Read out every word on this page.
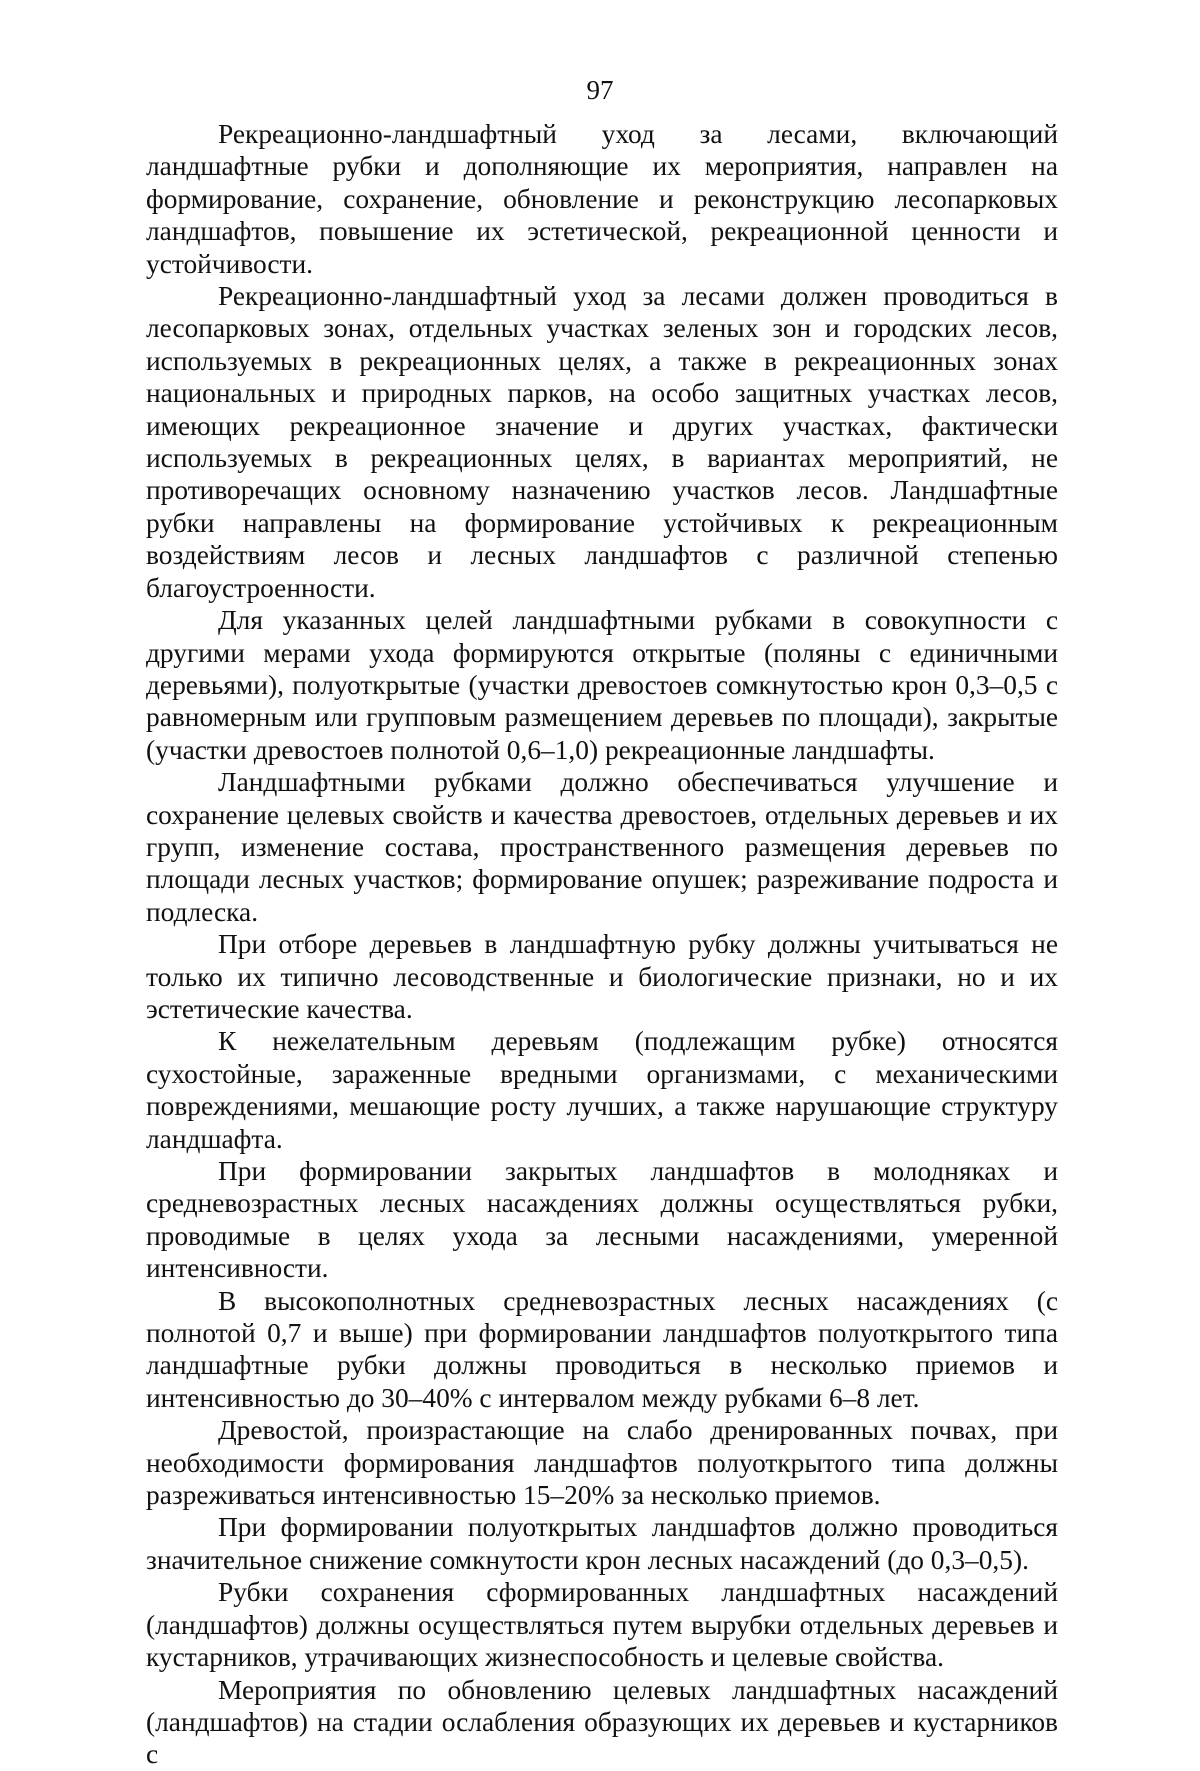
97

Рекреационно-ландшафтный уход за лесами, включающий ландшафтные рубки и дополняющие их мероприятия, направлен на формирование, сохранение, обновление и реконструкцию лесопарковых ландшафтов, повышение их эстетической, рекреационной ценности и устойчивости.

Рекреационно-ландшафтный уход за лесами должен проводиться в лесопарковых зонах, отдельных участках зеленых зон и городских лесов, используемых в рекреационных целях, а также в рекреационных зонах национальных и природных парков, на особо защитных участках лесов, имеющих рекреационное значение и других участках, фактически используемых в рекреационных целях, в вариантах мероприятий, не противоречащих основному назначению участков лесов. Ландшафтные рубки направлены на формирование устойчивых к рекреационным воздействиям лесов и лесных ландшафтов с различной степенью благоустроенности.

Для указанных целей ландшафтными рубками в совокупности с другими мерами ухода формируются открытые (поляны с единичными деревьями), полуоткрытые (участки древостоев сомкнутостью крон 0,3–0,5 с равномерным или групповым размещением деревьев по площади), закрытые (участки древостоев полнотой 0,6–1,0) рекреационные ландшафты.

Ландшафтными рубками должно обеспечиваться улучшение и сохранение целевых свойств и качества древостоев, отдельных деревьев и их групп, изменение состава, пространственного размещения деревьев по площади лесных участков; формирование опушек; разреживание подроста и подлеска.

При отборе деревьев в ландшафтную рубку должны учитываться не только их типично лесоводственные и биологические признаки, но и их эстетические качества.

К нежелательным деревьям (подлежащим рубке) относятся сухостойные, зараженные вредными организмами, с механическими повреждениями, мешающие росту лучших, а также нарушающие структуру ландшафта.

При формировании закрытых ландшафтов в молодняках и средневозрастных лесных насаждениях должны осуществляться рубки, проводимые в целях ухода за лесными насаждениями, умеренной интенсивности.

В высокополнотных средневозрастных лесных насаждениях (с полнотой 0,7 и выше) при формировании ландшафтов полуоткрытого типа ландшафтные рубки должны проводиться в несколько приемов и интенсивностью до 30–40% с интервалом между рубками 6–8 лет.

Древостой, произрастающие на слабо дренированных почвах, при необходимости формирования ландшафтов полуоткрытого типа должны разреживаться интенсивностью 15–20% за несколько приемов.

При формировании полуоткрытых ландшафтов должно проводиться значительное снижение сомкнутости крон лесных насаждений (до 0,3–0,5).

Рубки сохранения сформированных ландшафтных насаждений (ландшафтов) должны осуществляться путем вырубки отдельных деревьев и кустарников, утрачивающих жизнеспособность и целевые свойства.

Мероприятия по обновлению целевых ландшафтных насаждений (ландшафтов) на стадии ослабления образующих их деревьев и кустарников с
